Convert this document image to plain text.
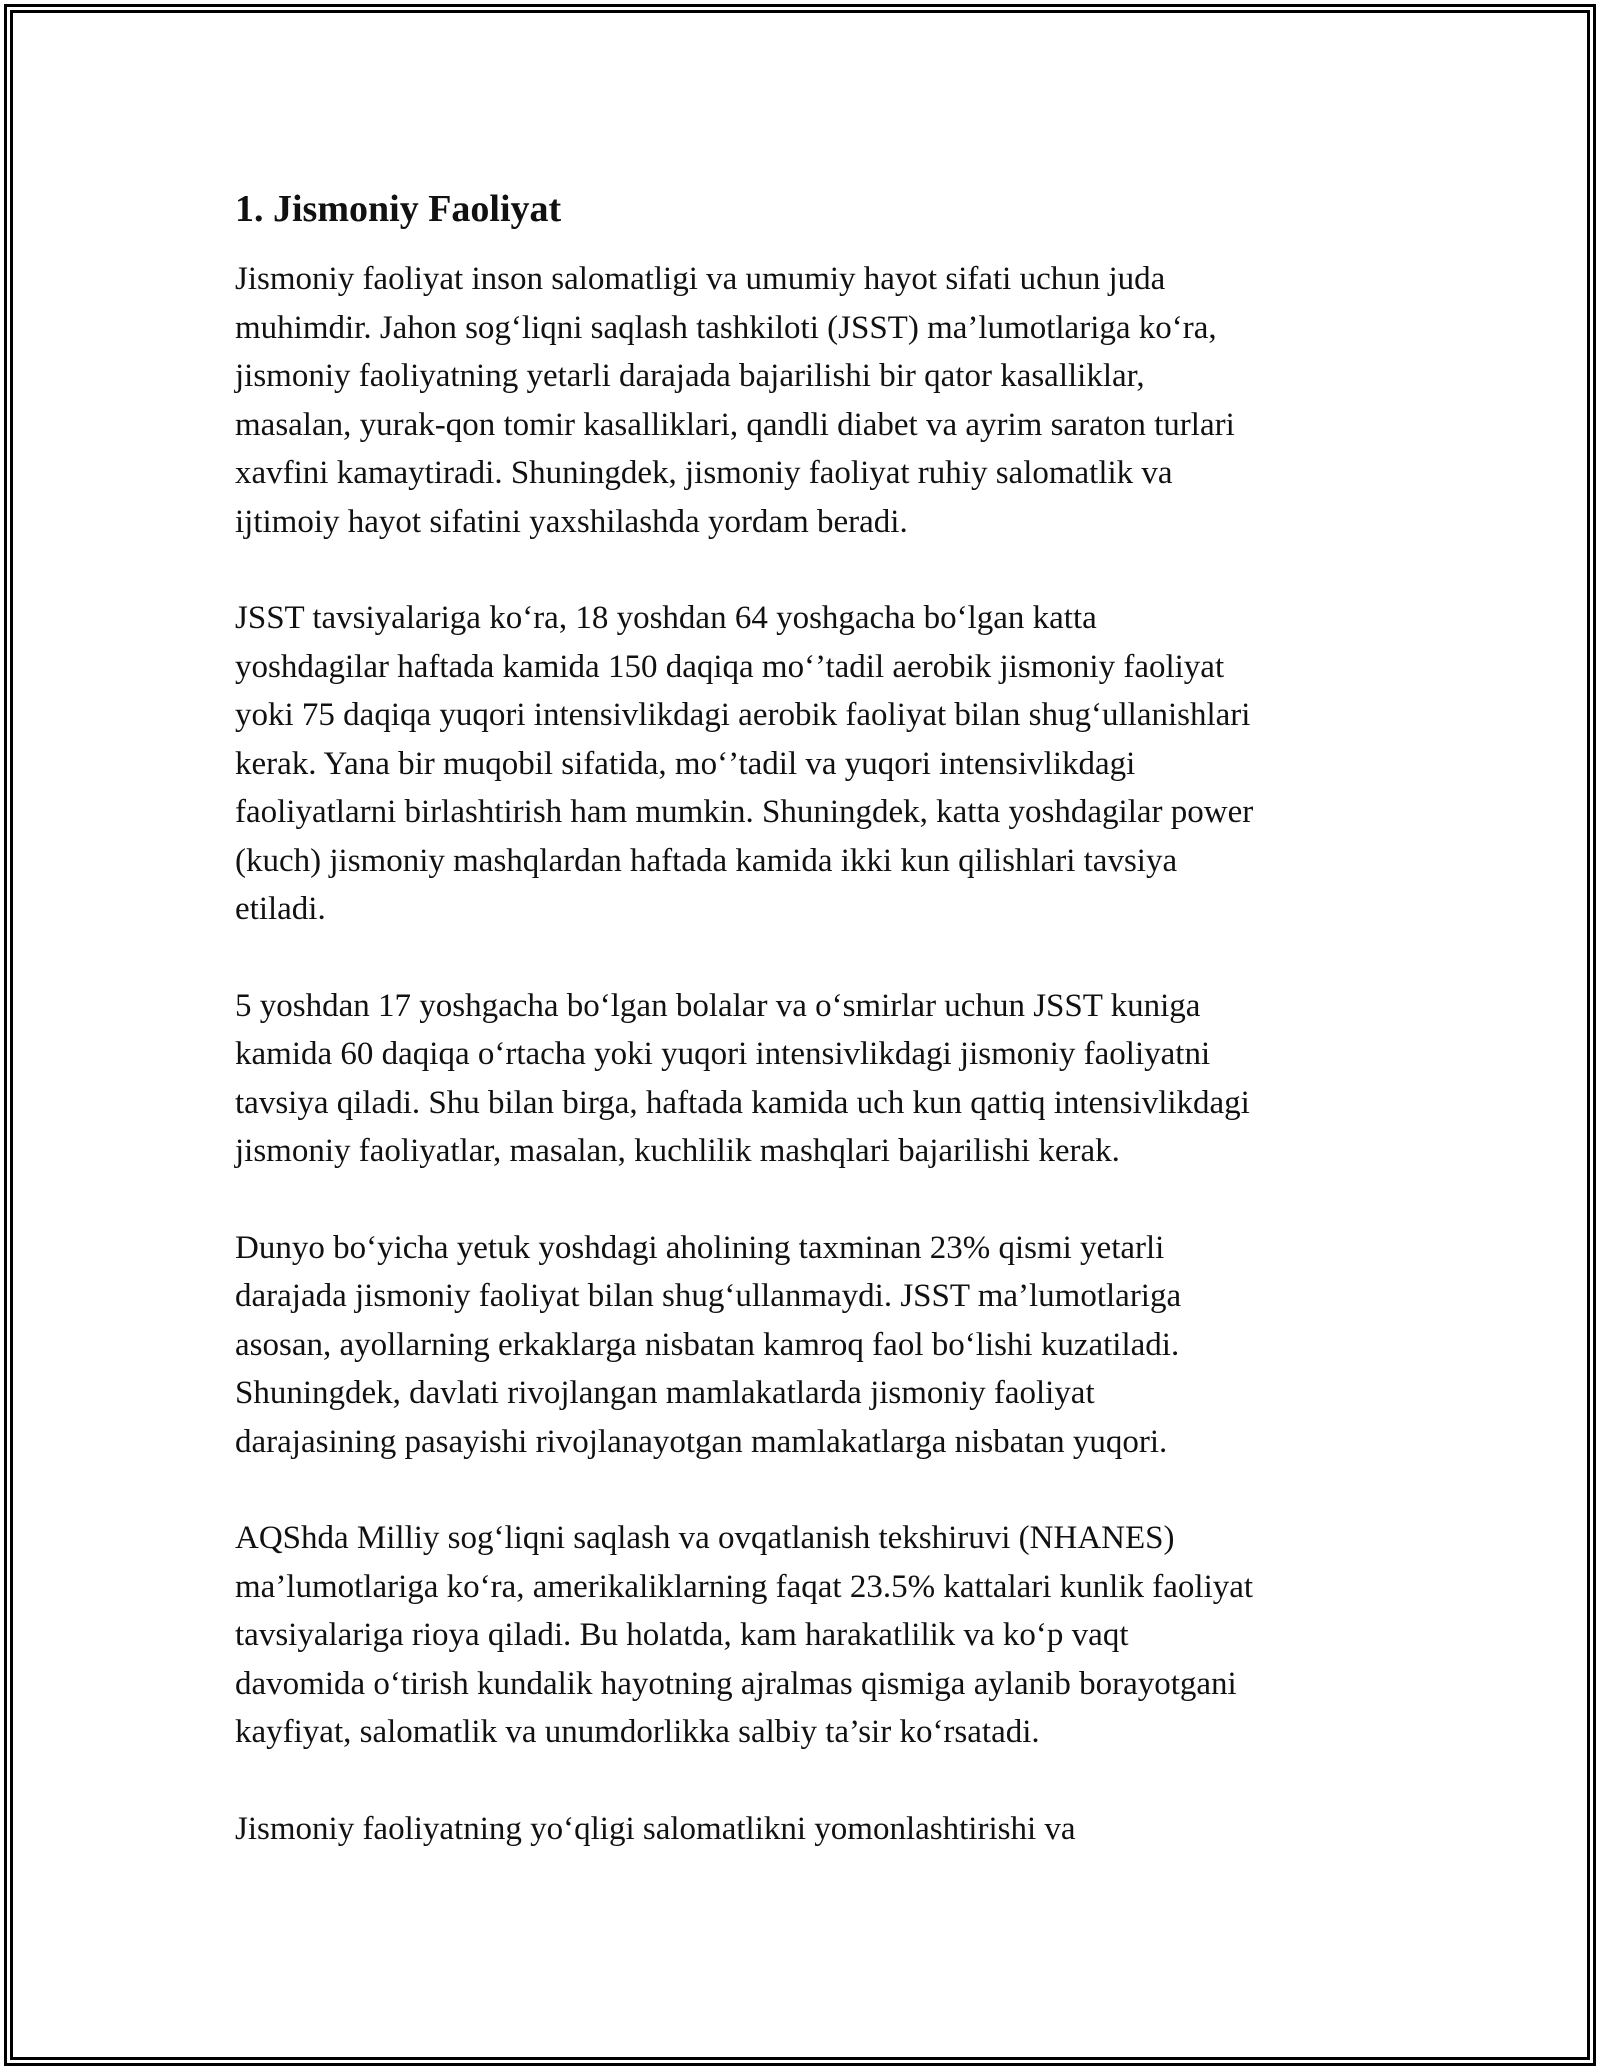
1. Jismoniy Faoliyat
Jismoniy faoliyat inson salomatligi va umumiy hayot sifati uchun juda
muhimdir. Jahon sog‘liqni saqlash tashkiloti (JSST) ma’lumotlariga ko‘ra,
jismoniy faoliyatning yetarli darajada bajarilishi bir qator kasalliklar,
masalan, yurak-qon tomir kasalliklari, qandli diabet va ayrim saraton turlari
xavfini kamaytiradi. Shuningdek, jismoniy faoliyat ruhiy salomatlik va
ijtimoiy hayot sifatini yaxshilashda yordam beradi.
JSST tavsiyalariga ko‘ra, 18 yoshdan 64 yoshgacha bo‘lgan katta
yoshdagilar haftada kamida 150 daqiqa mo‘’tadil aerobik jismoniy faoliyat
yoki 75 daqiqa yuqori intensivlikdagi aerobik faoliyat bilan shug‘ullanishlari
kerak. Yana bir muqobil sifatida, mo‘’tadil va yuqori intensivlikdagi
faoliyatlarni birlashtirish ham mumkin. Shuningdek, katta yoshdagilar power
(kuch) jismoniy mashqlardan haftada kamida ikki kun qilishlari tavsiya
etiladi.
5 yoshdan 17 yoshgacha bo‘lgan bolalar va o‘smirlar uchun JSST kuniga
kamida 60 daqiqa o‘rtacha yoki yuqori intensivlikdagi jismoniy faoliyatni
tavsiya qiladi. Shu bilan birga, haftada kamida uch kun qattiq intensivlikdagi
jismoniy faoliyatlar, masalan, kuchlilik mashqlari bajarilishi kerak.
Dunyo bo‘yicha yetuk yoshdagi aholining taxminan 23% qismi yetarli
darajada jismoniy faoliyat bilan shug‘ullanmaydi. JSST ma’lumotlariga
asosan, ayollarning erkaklarga nisbatan kamroq faol bo‘lishi kuzatiladi.
Shuningdek, davlati rivojlangan mamlakatlarda jismoniy faoliyat
darajasining pasayishi rivojlanayotgan mamlakatlarga nisbatan yuqori.
AQShda Milliy sog‘liqni saqlash va ovqatlanish tekshiruvi (NHANES)
ma’lumotlariga ko‘ra, amerikaliklarning faqat 23.5% kattalari kunlik faoliyat
tavsiyalariga rioya qiladi. Bu holatda, kam harakatlilik va ko‘p vaqt
davomida o‘tirish kundalik hayotning ajralmas qismiga aylanib borayotgani
kayfiyat, salomatlik va unumdorlikka salbiy ta’sir ko‘rsatadi.
Jismoniy faoliyatning yo‘qligi salomatlikni yomonlashtirishi va
